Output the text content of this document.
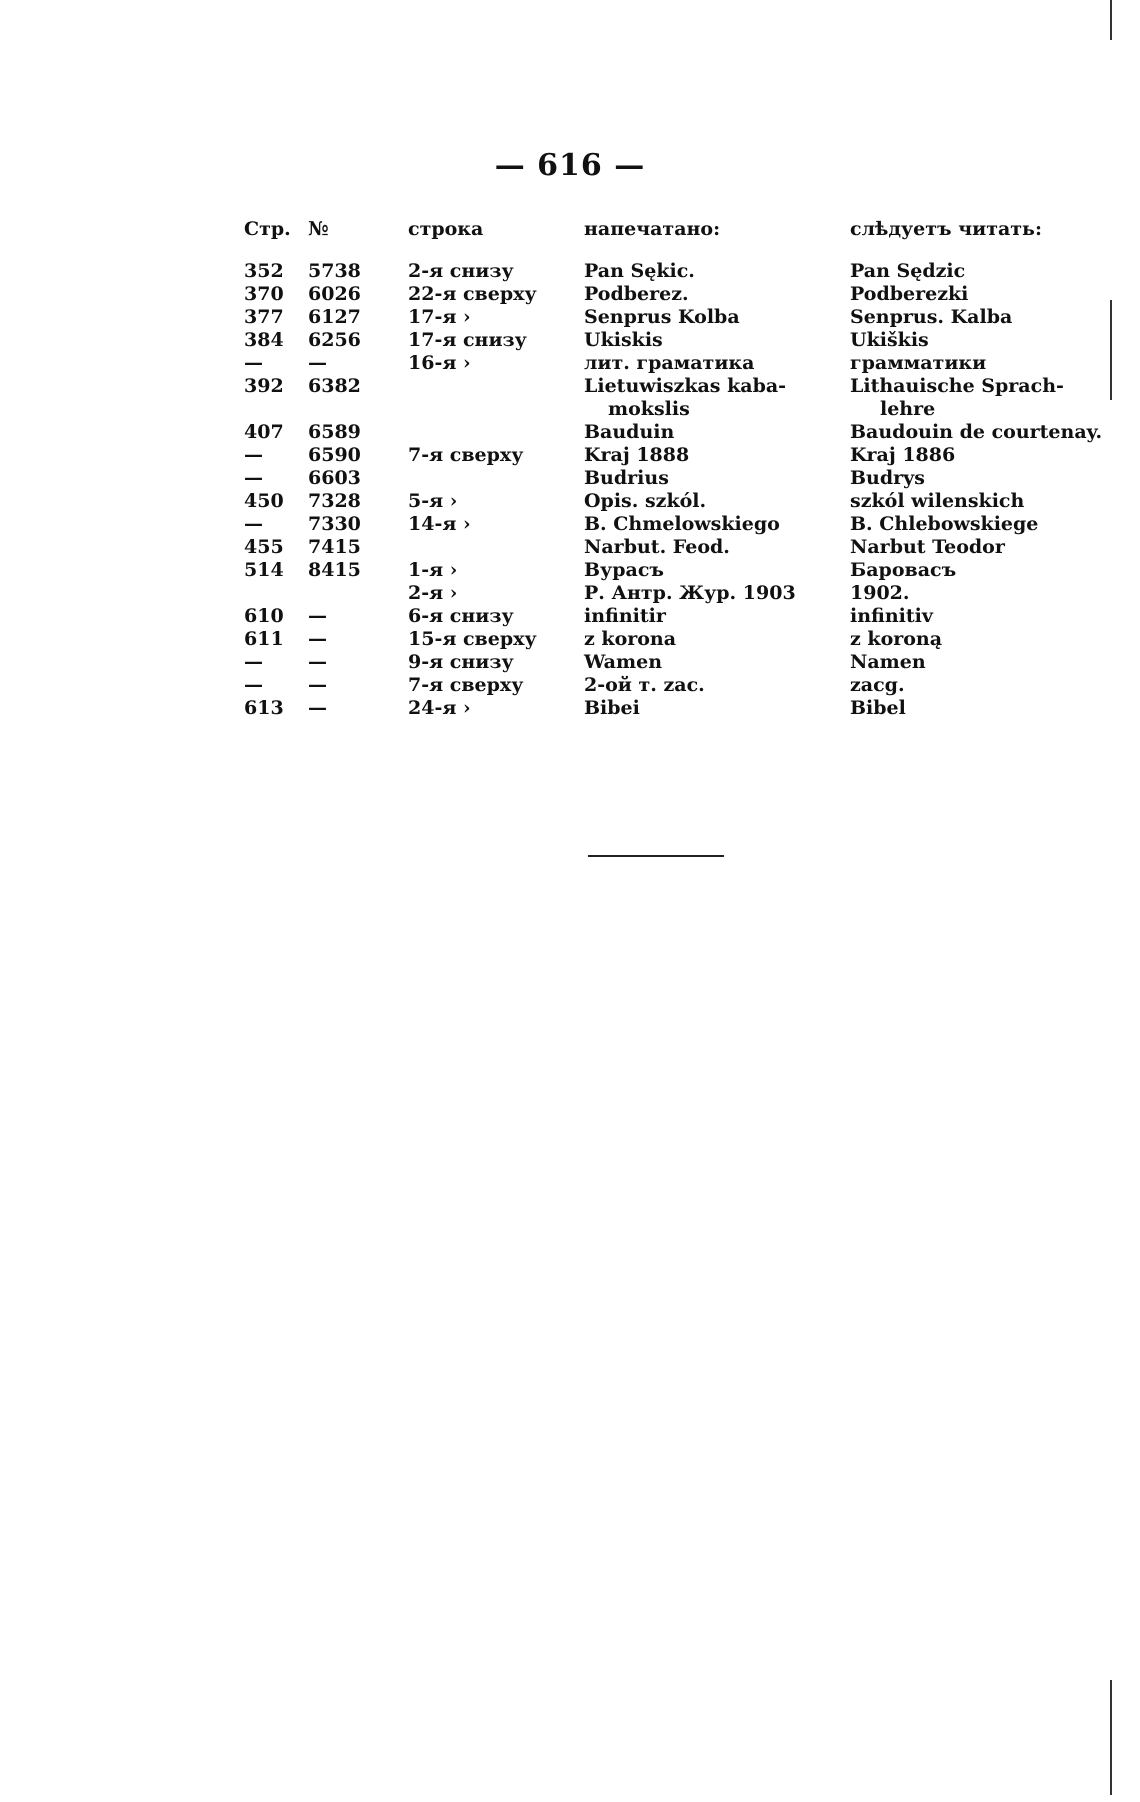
— 616 —
Стр.	№	строка	напечатано:	слѣдуетъ читать:
352	5738	2-я снизу	Pan Sękic.	Pan Sędzic
370	6026	22-я сверху	Podberez.	Podberezki
377	6127	17-я ›	Senprus Kolba	Senprus. Kalba
384	6256	17-я снизу	Ukiskis	Ukiškis
—	—	16-я ›	лит. граматика	грамматики
392	6382		Lietuwiszkas kaba-	Lithauische Sprach-
			mokslis	lehre
407	6589		Bauduin	Baudouin de courtenay.
—	6590	7-я сверху	Kraj 1888	Kraj 1886
—	6603		Budrius	Budrys
450	7328	5-я ›	Opis. szkól.	szkól wilenskich
—	7330	14-я ›	B. Chmelowskiego	B. Chlebowskiege
455	7415		Narbut. Feod.	Narbut Teodor
514	8415	1-я ›	Вурасъ	Баровасъ
		2-я ›	Р. Антр. Жур. 1903	1902.
610	—	6-я снизу	infinitir	infinitiv
611	—	15-я сверху	z korona	z koroną
—	—	9-я снизу	Wamen	Namen
—	—	7-я сверху	2-ой т. zac.	zacg.
613	—	24-я ›	Bibei	Bibel
